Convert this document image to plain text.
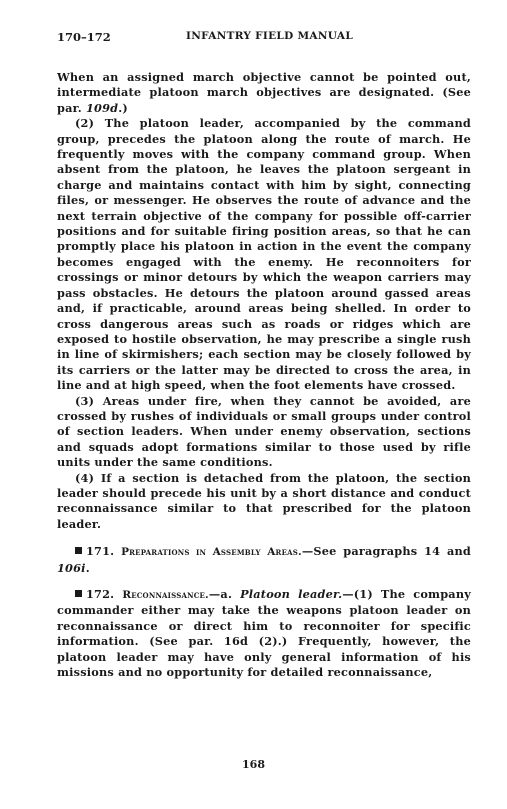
170–172	INFANTRY FIELD MANUAL

When an assigned march objective cannot be pointed out, intermediate platoon march objectives are designated. (See par. 109d.)

(2) The platoon leader, accompanied by the command group, precedes the platoon along the route of march. He frequently moves with the company command group. When absent from the platoon, he leaves the platoon sergeant in charge and maintains contact with him by sight, connecting files, or messenger. He observes the route of advance and the next terrain objective of the company for possible off-carrier positions and for suitable firing position areas, so that he can promptly place his platoon in action in the event the company becomes engaged with the enemy. He reconnoiters for crossings or minor detours by which the weapon carriers may pass obstacles. He detours the platoon around gassed areas and, if practicable, around areas being shelled. In order to cross dangerous areas such as roads or ridges which are exposed to hostile observation, he may prescribe a single rush in line of skirmishers; each section may be closely followed by its carriers or the latter may be directed to cross the area, in line and at high speed, when the foot elements have crossed.

(3) Areas under fire, when they cannot be avoided, are crossed by rushes of individuals or small groups under control of section leaders. When under enemy observation, sections and squads adopt formations similar to those used by rifle units under the same conditions.

(4) If a section is detached from the platoon, the section leader should precede his unit by a short distance and conduct reconnaissance similar to that prescribed for the platoon leader.

171. Preparations in Assembly Areas.—See paragraphs 14 and 106i.

172. Reconnaissance.—a. Platoon leader.—(1) The company commander either may take the weapons platoon leader on reconnaissance or direct him to reconnoiter for specific information. (See par. 16d (2).) Frequently, however, the platoon leader may have only general information of his missions and no opportunity for detailed reconnaissance,

168
